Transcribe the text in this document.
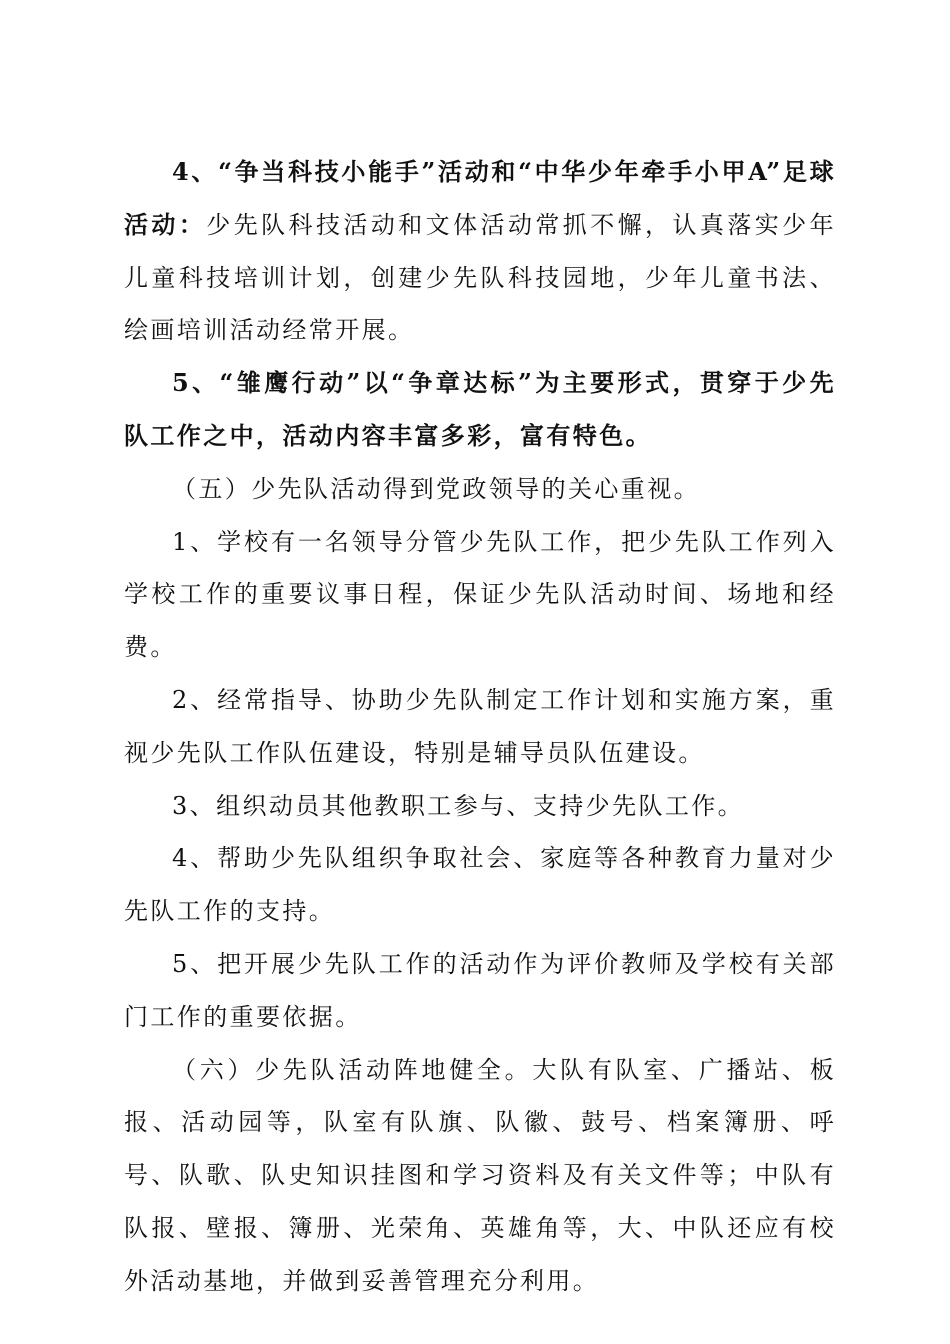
4、“争当科技小能手”活动和“中华少年牵手小甲A”足球活动：少先队科技活动和文体活动常抓不懈，认真落实少年儿童科技培训计划，创建少先队科技园地，少年儿童书法、绘画培训活动经常开展。

5、“雏鹰行动”以“争章达标”为主要形式，贯穿于少先队工作之中，活动内容丰富多彩，富有特色。

（五）少先队活动得到党政领导的关心重视。

1、学校有一名领导分管少先队工作，把少先队工作列入学校工作的重要议事日程，保证少先队活动时间、场地和经费。

2、经常指导、协助少先队制定工作计划和实施方案，重视少先队工作队伍建设，特别是辅导员队伍建设。

3、组织动员其他教职工参与、支持少先队工作。

4、帮助少先队组织争取社会、家庭等各种教育力量对少先队工作的支持。

5、把开展少先队工作的活动作为评价教师及学校有关部门工作的重要依据。

（六）少先队活动阵地健全。大队有队室、广播站、板报、活动园等，队室有队旗、队徽、鼓号、档案簿册、呼号、队歌、队史知识挂图和学习资料及有关文件等；中队有队报、壁报、簿册、光荣角、英雄角等，大、中队还应有校外活动基地，并做到妥善管理充分利用。
